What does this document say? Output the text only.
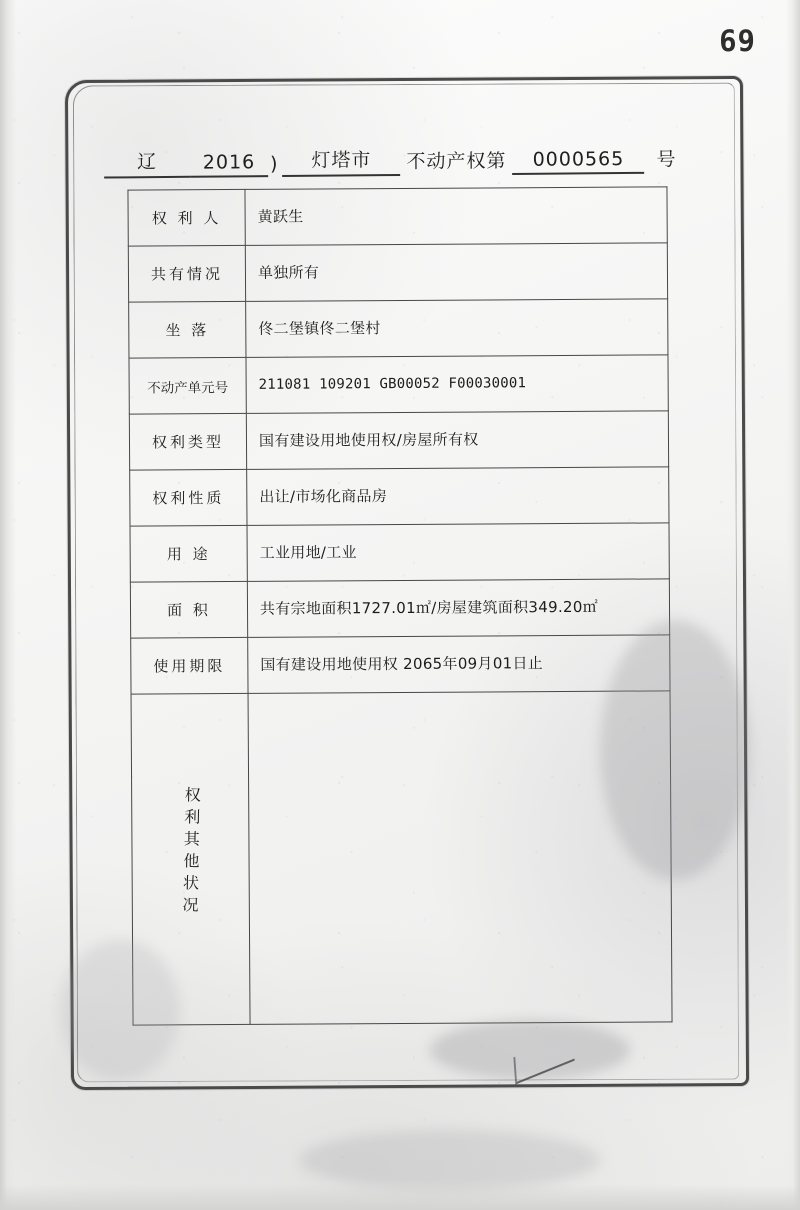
69
辽	2016 )	灯塔市	不动产权第	0000565	号
权 利 人	黄跃生
共有情况	单独所有
坐 落	佟二堡镇佟二堡村
不动产单元号	211081 109201 GB00052 F00030001
权利类型	国有建设用地使用权/房屋所有权
权利性质	出让/市场化商品房
用 途	工业用地/工业
面 积	共有宗地面积1727.01㎡/房屋建筑面积349.20㎡
使用期限	国有建设用地使用权 2065年09月01日止
权利其他状况	
